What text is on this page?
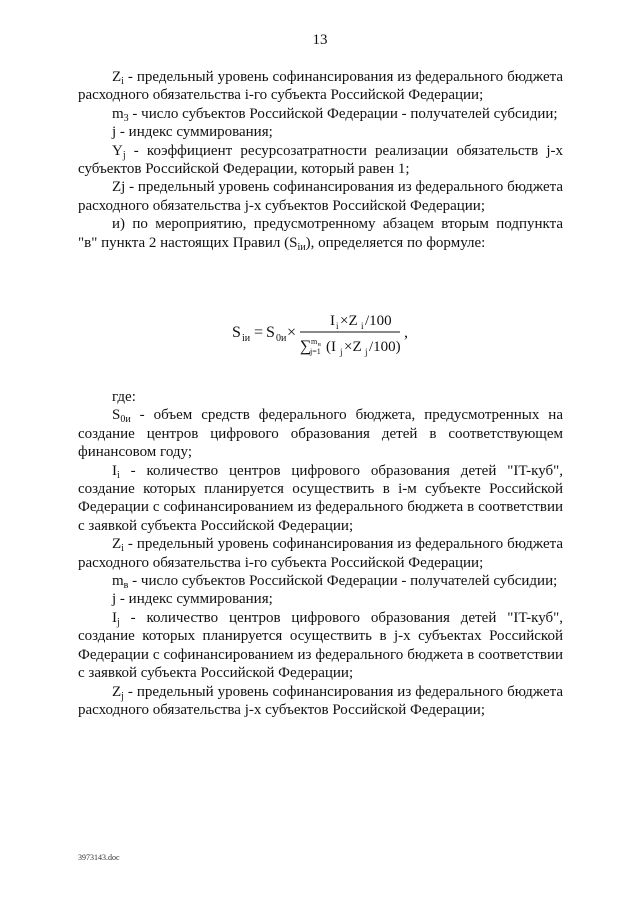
13

$Z_i$ - предельный уровень софинансирования из федерального бюджета расходного обязательства i-го субъекта Российской Федерации;

$m_3$ - число субъектов Российской Федерации - получателей субсидии;

j - индекс суммирования;

$Y_j$ - коэффициент ресурсозатратности реализации обязательств j-х субъектов Российской Федерации, который равен 1;

Zj - предельный уровень софинансирования из федерального бюджета расходного обязательства j-х субъектов Российской Федерации;

и) по мероприятию, предусмотренному абзацем вторым подпункта "в" пункта 2 настоящих Правил $(S_{iи})$, определяется по формуле:

S iи = S 0и ×
I i ×Z i /100
∑ m в
j=1 (I j ×Z j /100)
,

где:

$S_{0и}$ - объем средств федерального бюджета, предусмотренных на создание центров цифрового образования детей в соответствующем финансовом году;

$I_i$ - количество центров цифрового образования детей "IT-куб", создание которых планируется осуществить в i-м субъекте Российской Федерации с софинансированием из федерального бюджета в соответствии с заявкой субъекта Российской Федерации;

$Z_i$ - предельный уровень софинансирования из федерального бюджета расходного обязательства i-го субъекта Российской Федерации;

$m_в$ - число субъектов Российской Федерации - получателей субсидии;

j - индекс суммирования;

$I_j$ - количество центров цифрового образования детей "IT-куб", создание которых планируется осуществить в j-х субъектах Российской Федерации с софинансированием из федерального бюджета в соответствии с заявкой субъекта Российской Федерации;

$Z_j$ - предельный уровень софинансирования из федерального бюджета расходного обязательства j-х субъектов Российской Федерации;

3973143.doc
